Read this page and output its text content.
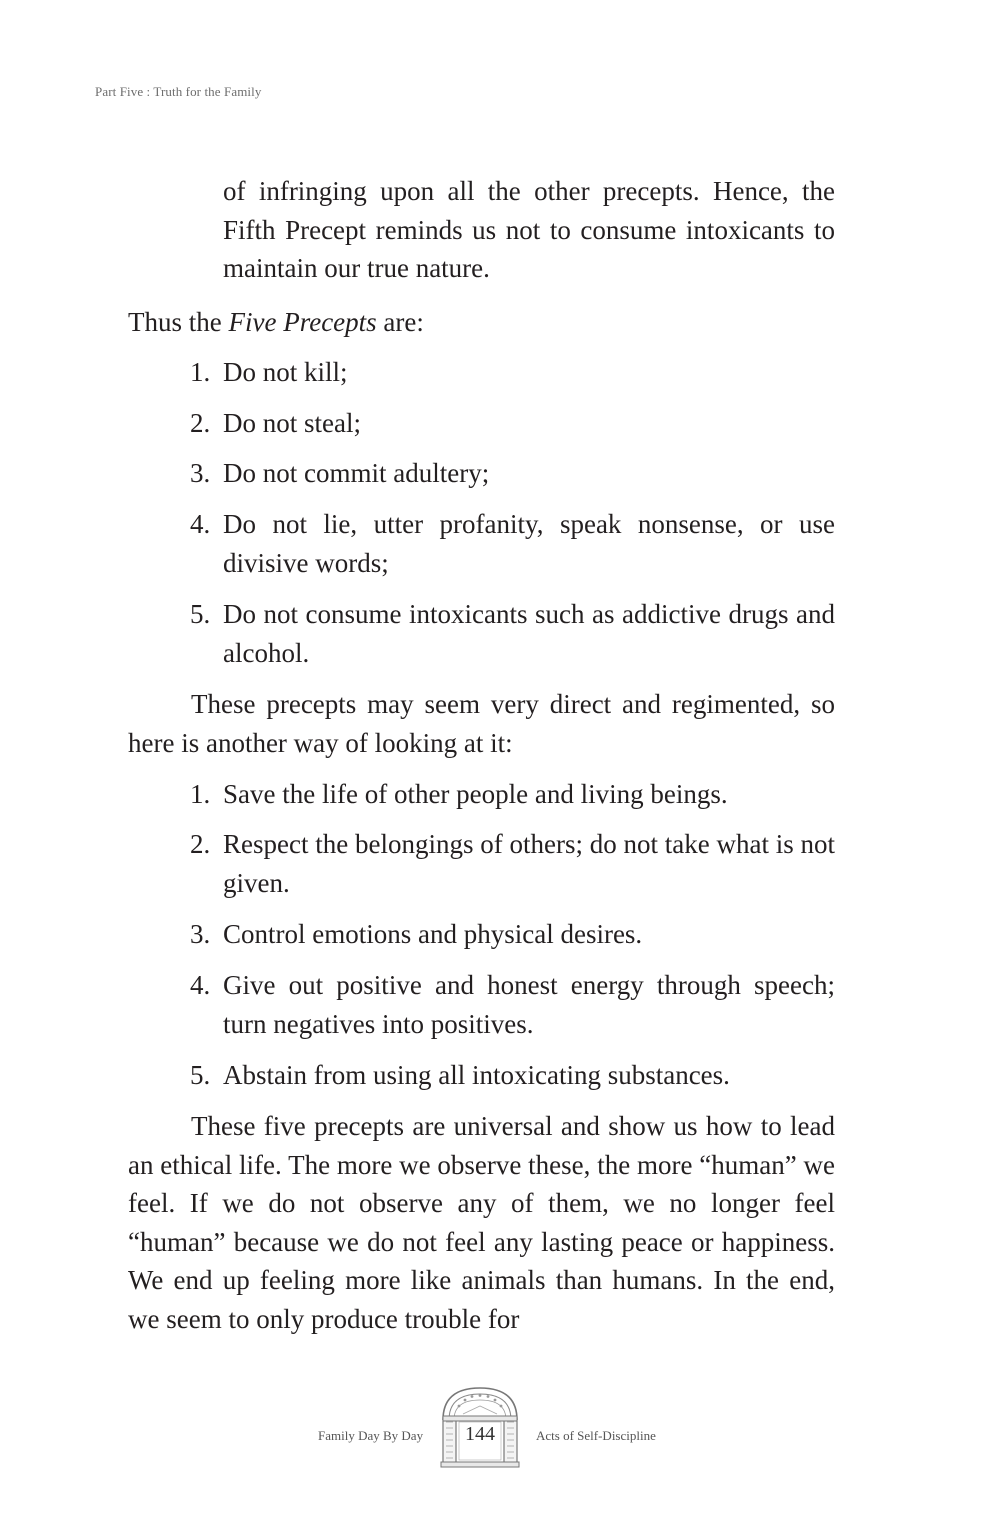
Part Five : Truth for the Family
of infringing upon all the other precepts. Hence, the Fifth Precept reminds us not to consume intoxicants to maintain our true nature.
Thus the Five Precepts are:
1. Do not kill;
2. Do not steal;
3. Do not commit adultery;
4. Do not lie, utter profanity, speak nonsense, or use divisive words;
5. Do not consume intoxicants such as addictive drugs and alcohol.
These precepts may seem very direct and regimented, so here is another way of looking at it:
1. Save the life of other people and living beings.
2. Respect the belongings of others; do not take what is not given.
3. Control emotions and physical desires.
4. Give out positive and honest energy through speech; turn negatives into positives.
5. Abstain from using all intoxicating substances.
These five precepts are universal and show us how to lead an ethical life. The more we observe these, the more “human” we feel. If we do not observe any of them, we no longer feel “human” because we do not feel any lasting peace or happiness. We end up feeling more like animals than humans. In the end, we seem to only produce trouble for
Family Day By Day	144	Acts of Self-Discipline
